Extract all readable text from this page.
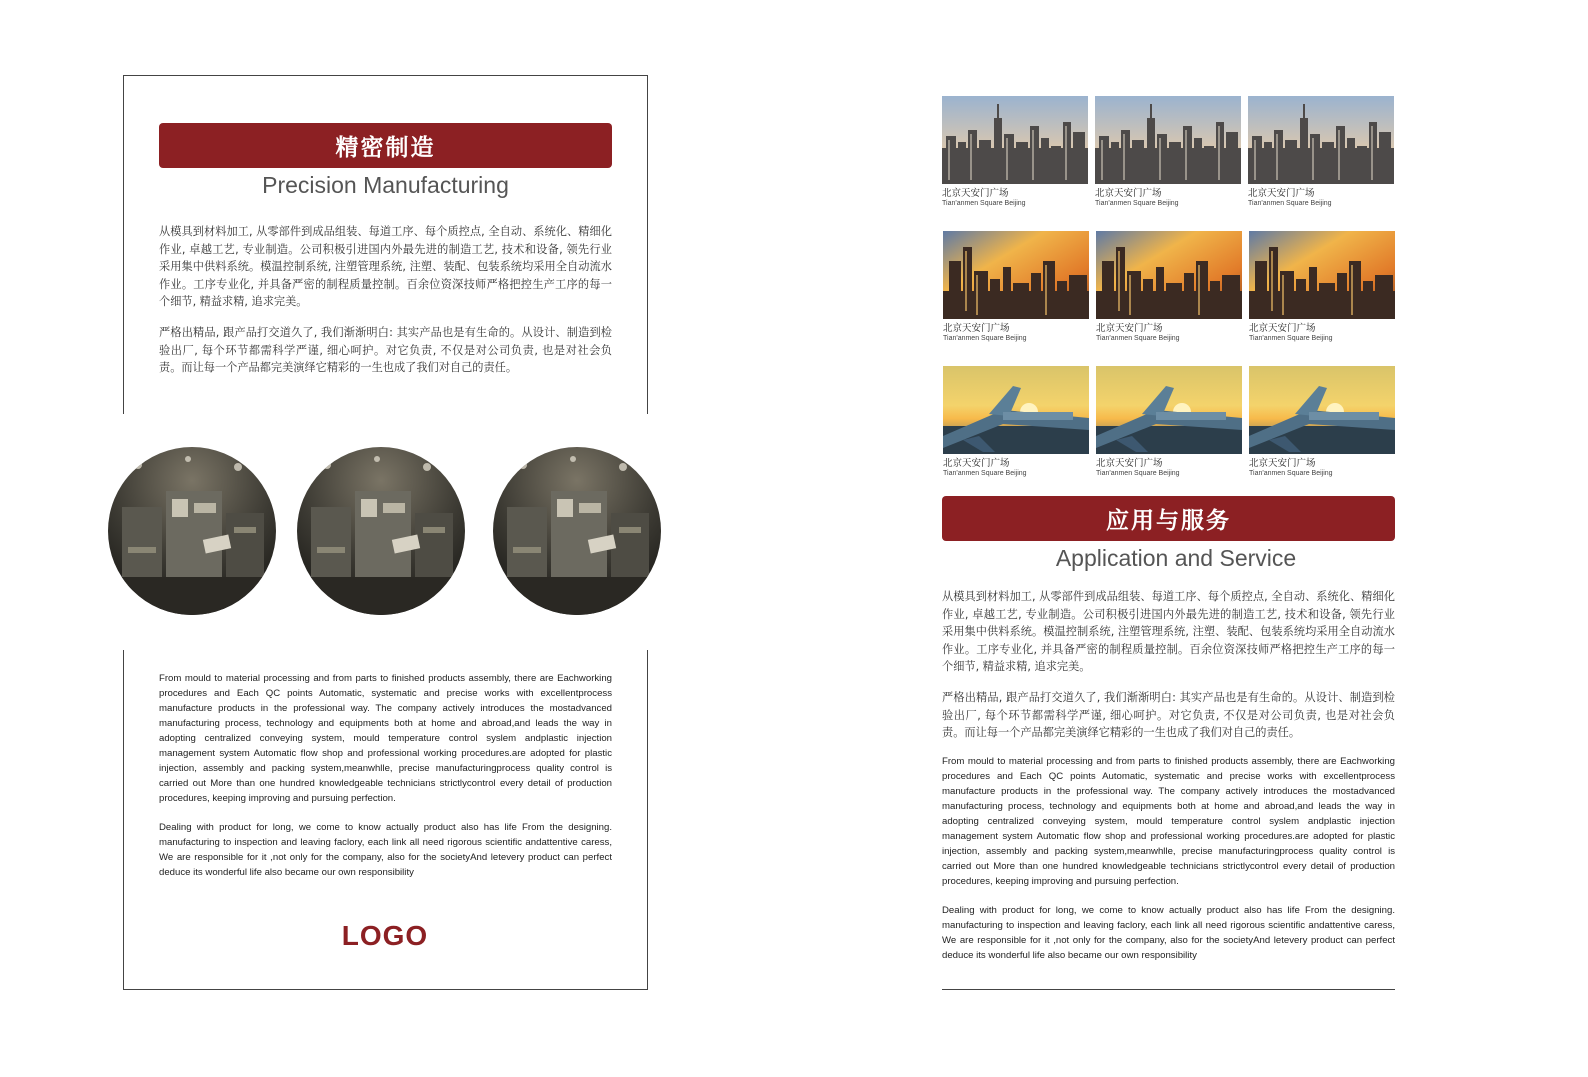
精密制造
Precision Manufacturing

从模具到材料加工, 从零部件到成品组装、每道工序、每个质控点, 全自动、系统化、精细化作业, 卓越工艺, 专业制造。公司积极引进国内外最先进的制造工艺, 技术和设备, 领先行业采用集中供料系统。模温控制系统, 注塑管理系统, 注塑、装配、包装系统均采用全自动流水作业。工序专业化, 并具备严密的制程质量控制。百余位资深技师严格把控生产工序的每一个细节, 精益求精, 追求完美。

严格出精品, 跟产品打交道久了, 我们渐渐明白: 其实产品也是有生命的。从设计、制造到检验出厂, 每个环节都需科学严谨, 细心呵护。对它负责, 不仅是对公司负责, 也是对社会负责。而让每一个产品都完美演绎它精彩的一生也成了我们对自己的责任。

From mould to material processing and from parts to finished products assembly, there are Eachworking procedures and Each QC points Automatic, systematic and precise works with excellentprocess manufacture products in the professional way. The company actively introduces the mostadvanced manufacturing process, technology and equipments both at home and abroad,and leads the way in adopting centralized conveying system, mould temperature control syslem andplastic injection management system Automatic flow shop and professional working procedures.are adopted for plastic injection, assembly and packing system,meanwhlle, precise manufacturingprocess quality control is carried out More than one hundred knowledgeable technicians strictlycontrol every detail of production procedures, keeping improving and pursuing perfection.

Dealing with product for long, we come to know actually product also has life From the designing. manufacturing to inspection and leaving faclory, each link all need rigorous scientific andattentive caress, We are responsible for it ,not only for the company, also for the societyAnd letevery product can perfect deduce its wonderful life also became our own responsibility

LOGO
北京天安门广场
Tian'anmen Square Beijing
北京天安门广场
Tian'anmen Square Beijing
北京天安门广场
Tian'anmen Square Beijing
北京天安门广场
Tian'anmen Square Beijing
北京天安门广场
Tian'anmen Square Beijing
北京天安门广场
Tian'anmen Square Beijing
北京天安门广场
Tian'anmen Square Beijing
北京天安门广场
Tian'anmen Square Beijing
北京天安门广场
Tian'anmen Square Beijing
应用与服务
Application and Service

从模具到材料加工, 从零部件到成品组装、每道工序、每个质控点, 全自动、系统化、精细化作业, 卓越工艺, 专业制造。公司积极引进国内外最先进的制造工艺, 技术和设备, 领先行业采用集中供料系统。模温控制系统, 注塑管理系统, 注塑、装配、包装系统均采用全自动流水作业。工序专业化, 并具备严密的制程质量控制。百余位资深技师严格把控生产工序的每一个细节, 精益求精, 追求完美。

严格出精品, 跟产品打交道久了, 我们渐渐明白: 其实产品也是有生命的。从设计、制造到检验出厂, 每个环节都需科学严谨, 细心呵护。对它负责, 不仅是对公司负责, 也是对社会负责。而让每一个产品都完美演绎它精彩的一生也成了我们对自己的责任。

From mould to material processing and from parts to finished products assembly, there are Eachworking procedures and Each QC points Automatic, systematic and precise works with excellentprocess manufacture products in the professional way. The company actively introduces the mostadvanced manufacturing process, technology and equipments both at home and abroad,and leads the way in adopting centralized conveying system, mould temperature control syslem andplastic injection management system Automatic flow shop and professional working procedures.are adopted for plastic injection, assembly and packing system,meanwhlle, precise manufacturingprocess quality control is carried out More than one hundred knowledgeable technicians strictlycontrol every detail of production procedures, keeping improving and pursuing perfection.

Dealing with product for long, we come to know actually product also has life From the designing. manufacturing to inspection and leaving faclory, each link all need rigorous scientific andattentive caress, We are responsible for it ,not only for the company, also for the societyAnd letevery product can perfect deduce its wonderful life also became our own responsibility
